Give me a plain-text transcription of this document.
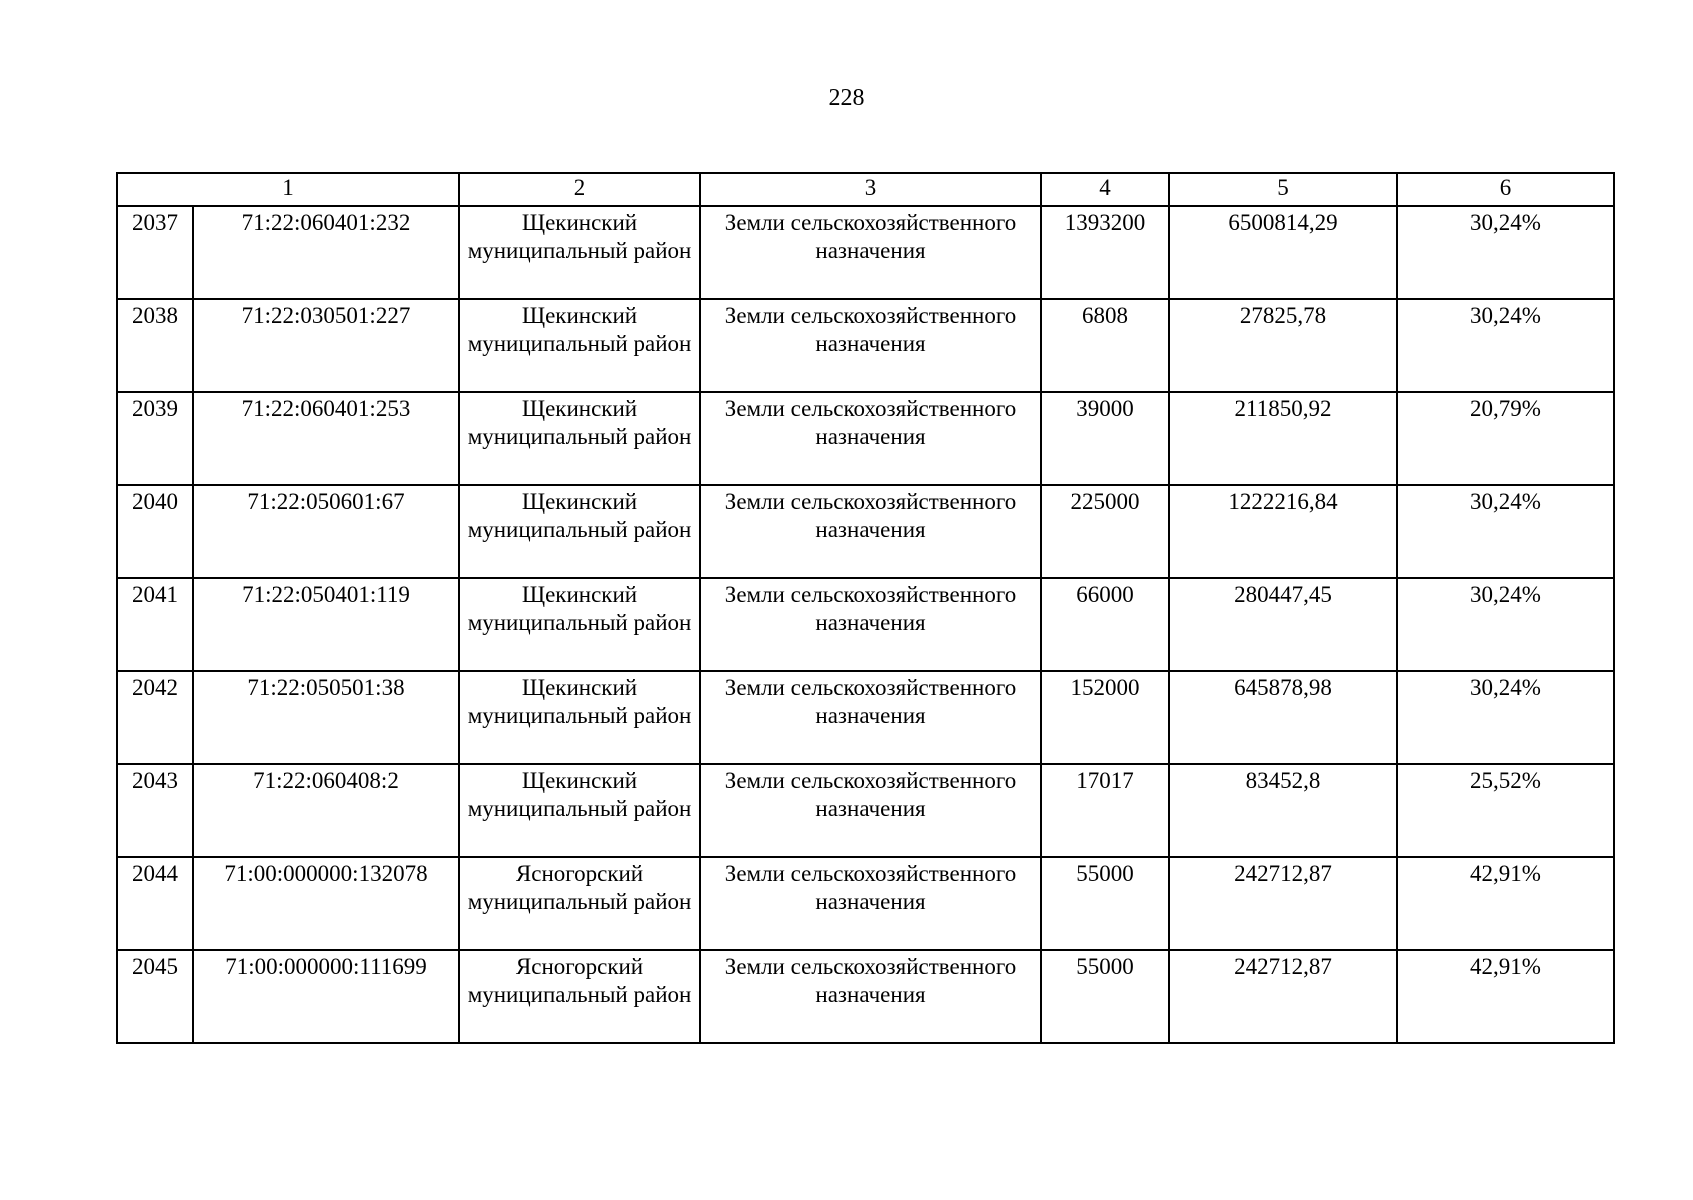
228
1		2	3	4	5	6
2037	71:22:060401:232	Щекинский муниципальный район	Земли сельскохозяйственного назначения	1393200	6500814,29	30,24%
2038	71:22:030501:227	Щекинский муниципальный район	Земли сельскохозяйственного назначения	6808	27825,78	30,24%
2039	71:22:060401:253	Щекинский муниципальный район	Земли сельскохозяйственного назначения	39000	211850,92	20,79%
2040	71:22:050601:67	Щекинский муниципальный район	Земли сельскохозяйственного назначения	225000	1222216,84	30,24%
2041	71:22:050401:119	Щекинский муниципальный район	Земли сельскохозяйственного назначения	66000	280447,45	30,24%
2042	71:22:050501:38	Щекинский муниципальный район	Земли сельскохозяйственного назначения	152000	645878,98	30,24%
2043	71:22:060408:2	Щекинский муниципальный район	Земли сельскохозяйственного назначения	17017	83452,8	25,52%
2044	71:00:000000:132078	Ясногорский муниципальный район	Земли сельскохозяйственного назначения	55000	242712,87	42,91%
2045	71:00:000000:111699	Ясногорский муниципальный район	Земли сельскохозяйственного назначения	55000	242712,87	42,91%
